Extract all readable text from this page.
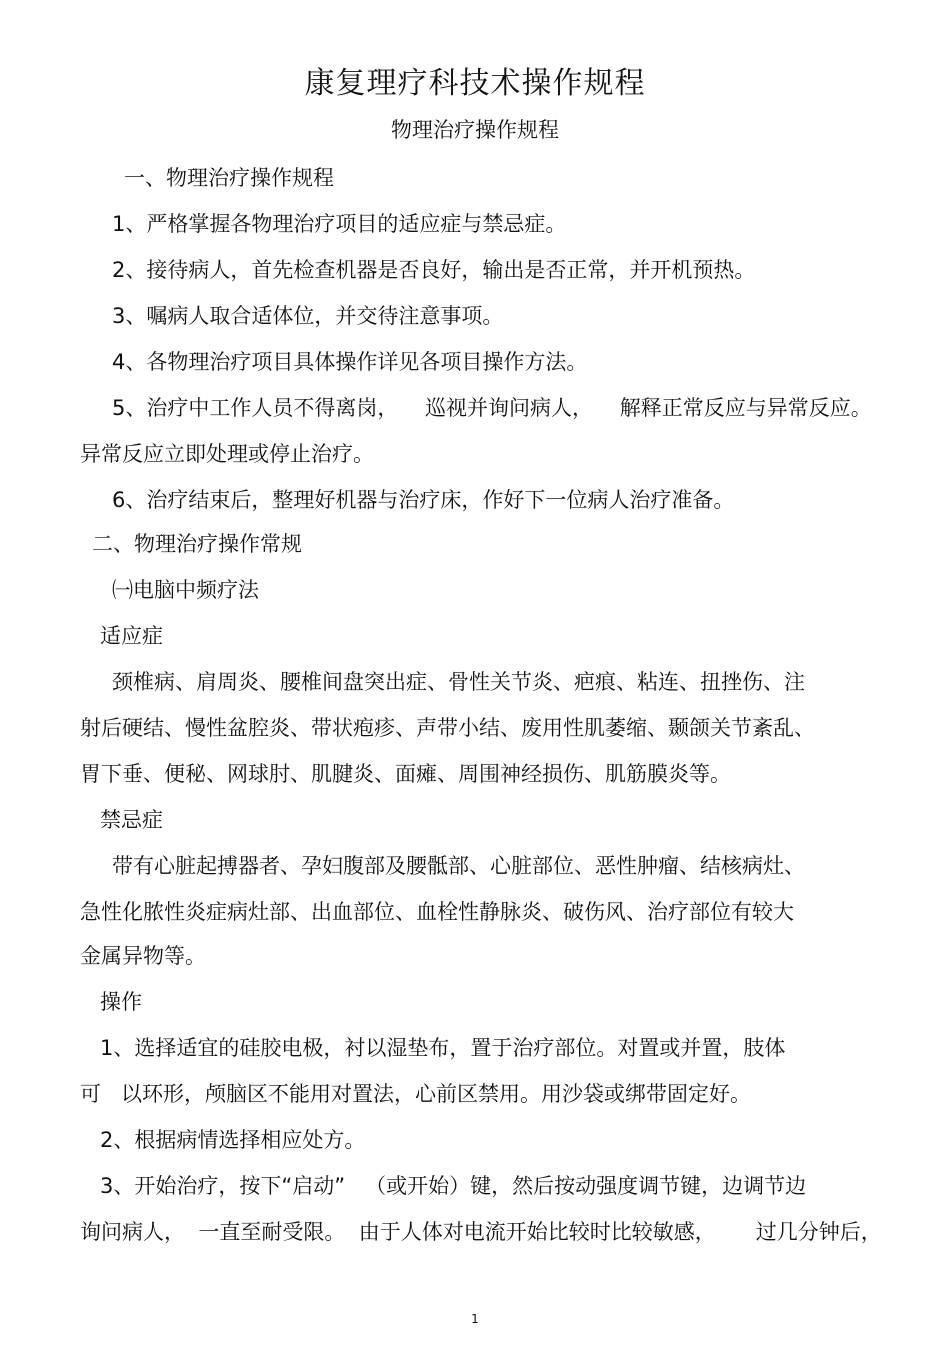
康复理疗科技术操作规程
物理治疗操作规程
一、物理治疗操作规程
1、严格掌握各物理治疗项目的适应症与禁忌症。
2、接待病人，首先检查机器是否良好，输出是否正常，并开机预热。
3、嘱病人取合适体位，并交待注意事项。
4、各物理治疗项目具体操作详见各项目操作方法。
5、治疗中工作人员不得离岗，    巡视并询问病人，    解释正常反应与异常反应。
异常反应立即处理或停止治疗。
6、治疗结束后，整理好机器与治疗床，作好下一位病人治疗准备。
二、物理治疗操作常规
㈠电脑中频疗法
适应症
颈椎病、肩周炎、腰椎间盘突出症、骨性关节炎、疤痕、粘连、扭挫伤、注
射后硬结、慢性盆腔炎、带状疱疹、声带小结、废用性肌萎缩、颞颌关节紊乱、
胃下垂、便秘、网球肘、肌腱炎、面瘫、周围神经损伤、肌筋膜炎等。
禁忌症
带有心脏起搏器者、孕妇腹部及腰骶部、心脏部位、恶性肿瘤、结核病灶、
急性化脓性炎症病灶部、出血部位、血栓性静脉炎、破伤风、治疗部位有较大
金属异物等。
操作
1、选择适宜的硅胶电极，衬以湿垫布，置于治疗部位。对置或并置，肢体
可   以环形，颅脑区不能用对置法，心前区禁用。用沙袋或绑带固定好。
2、根据病情选择相应处方。
3、开始治疗，按下“启动”   （或开始）键，然后按动强度调节键，边调节边
询问病人，  一直至耐受限。  由于人体对电流开始比较时比较敏感，      过几分钟后，
1
